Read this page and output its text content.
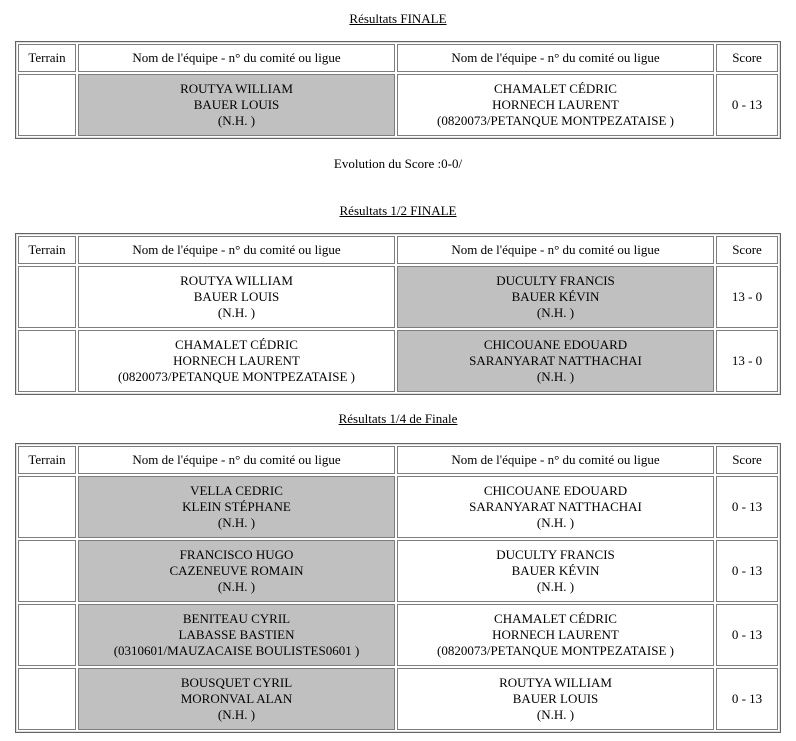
Résultats FINALE
Terrain	Nom de l'équipe - n° du comité ou ligue	Nom de l'équipe - n° du comité ou ligue	Score

ROUTYA WILLIAM
BAUER LOUIS
(N.H. )

CHAMALET CÉDRIC
HORNECH LAURENT
(0820073/PETANQUE MONTPEZATAISE )
	0 - 13
Evolution du Score :0-0/
Résultats 1/2 FINALE
Terrain	Nom de l'équipe - n° du comité ou ligue	Nom de l'équipe - n° du comité ou ligue	Score

ROUTYA WILLIAM
BAUER LOUIS
(N.H. )

DUCULTY FRANCIS
BAUER KÉVIN
(N.H. )
	13 - 0

CHAMALET CÉDRIC
HORNECH LAURENT
(0820073/PETANQUE MONTPEZATAISE )

CHICOUANE EDOUARD
SARANYARAT NATTHACHAI
(N.H. )
	13 - 0
Résultats 1/4 de Finale
Terrain	Nom de l'équipe - n° du comité ou ligue	Nom de l'équipe - n° du comité ou ligue	Score

VELLA CEDRIC
KLEIN STÉPHANE
(N.H. )

CHICOUANE EDOUARD
SARANYARAT NATTHACHAI
(N.H. )
	0 - 13

FRANCISCO HUGO
CAZENEUVE ROMAIN
(N.H. )

DUCULTY FRANCIS
BAUER KÉVIN
(N.H. )
	0 - 13

BENITEAU CYRIL
LABASSE BASTIEN
(0310601/MAUZACAISE BOULISTES0601 )

CHAMALET CÉDRIC
HORNECH LAURENT
(0820073/PETANQUE MONTPEZATAISE )
	0 - 13

BOUSQUET CYRIL
MORONVAL ALAN
(N.H. )

ROUTYA WILLIAM
BAUER LOUIS
(N.H. )
	0 - 13
